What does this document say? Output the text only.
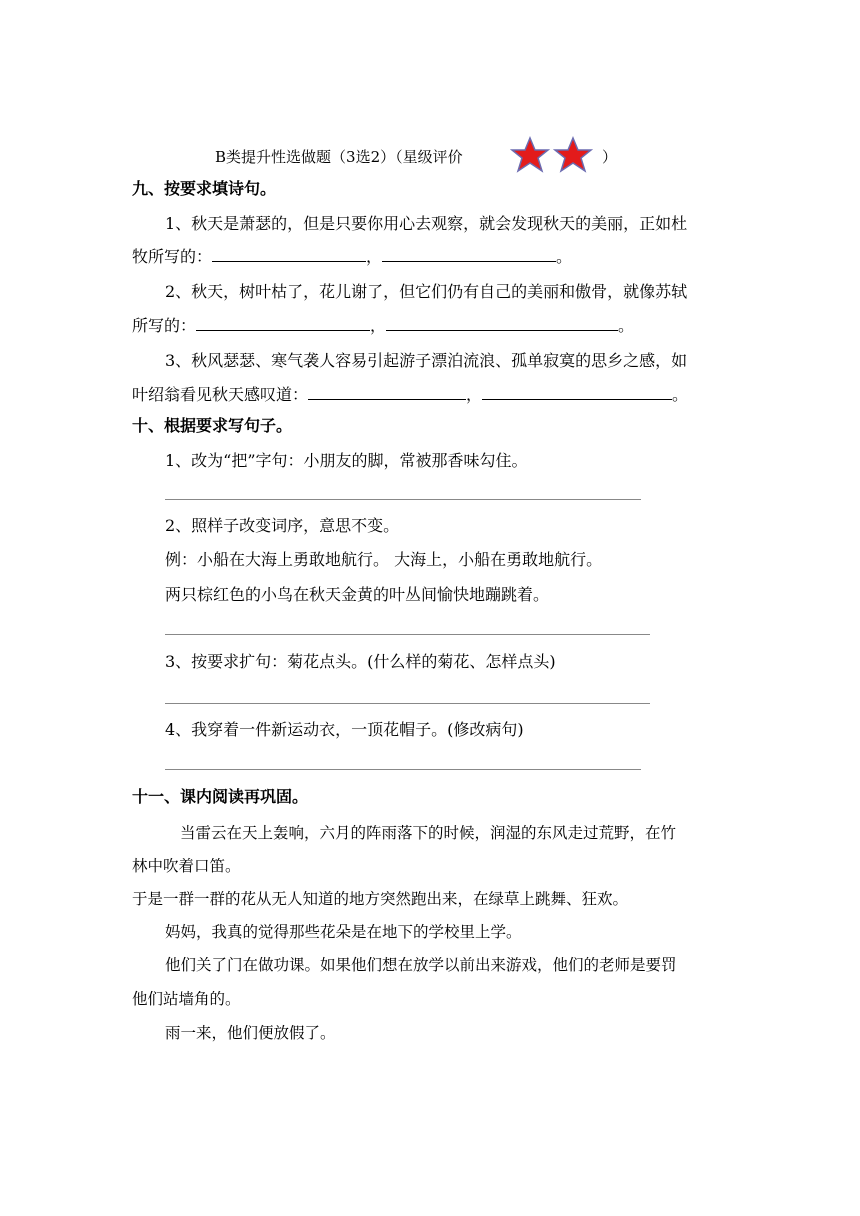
B类提升性选做题（3选2）（星级评价	）
九、按要求填诗句。
1、秋天是萧瑟的，但是只要你用心去观察，就会发现秋天的美丽，正如杜
牧所写的：	，	。
2、秋天，树叶枯了，花儿谢了，但它们仍有自己的美丽和傲骨，就像苏轼
所写的：	，	。
3、秋风瑟瑟、寒气袭人容易引起游子漂泊流浪、孤单寂寞的思乡之感，如
叶绍翁看见秋天感叹道：	，	。
十、根据要求写句子。
1、改为“把”字句：小朋友的脚，常被那香味勾住。
2、照样子改变词序，意思不变。
例：小船在大海上勇敢地航行。 大海上，小船在勇敢地航行。
两只棕红色的小鸟在秋天金黄的叶丛间愉快地蹦跳着。
3、按要求扩句：菊花点头。(什么样的菊花、怎样点头)
4、我穿着一件新运动衣，一顶花帽子。(修改病句)
十一、课内阅读再巩固。
当雷云在天上轰响，六月的阵雨落下的时候，润湿的东风走过荒野，在竹
林中吹着口笛。
于是一群一群的花从无人知道的地方突然跑出来，在绿草上跳舞、狂欢。
妈妈，我真的觉得那些花朵是在地下的学校里上学。
他们关了门在做功课。如果他们想在放学以前出来游戏，他们的老师是要罚
他们站墙角的。
雨一来，他们便放假了。
